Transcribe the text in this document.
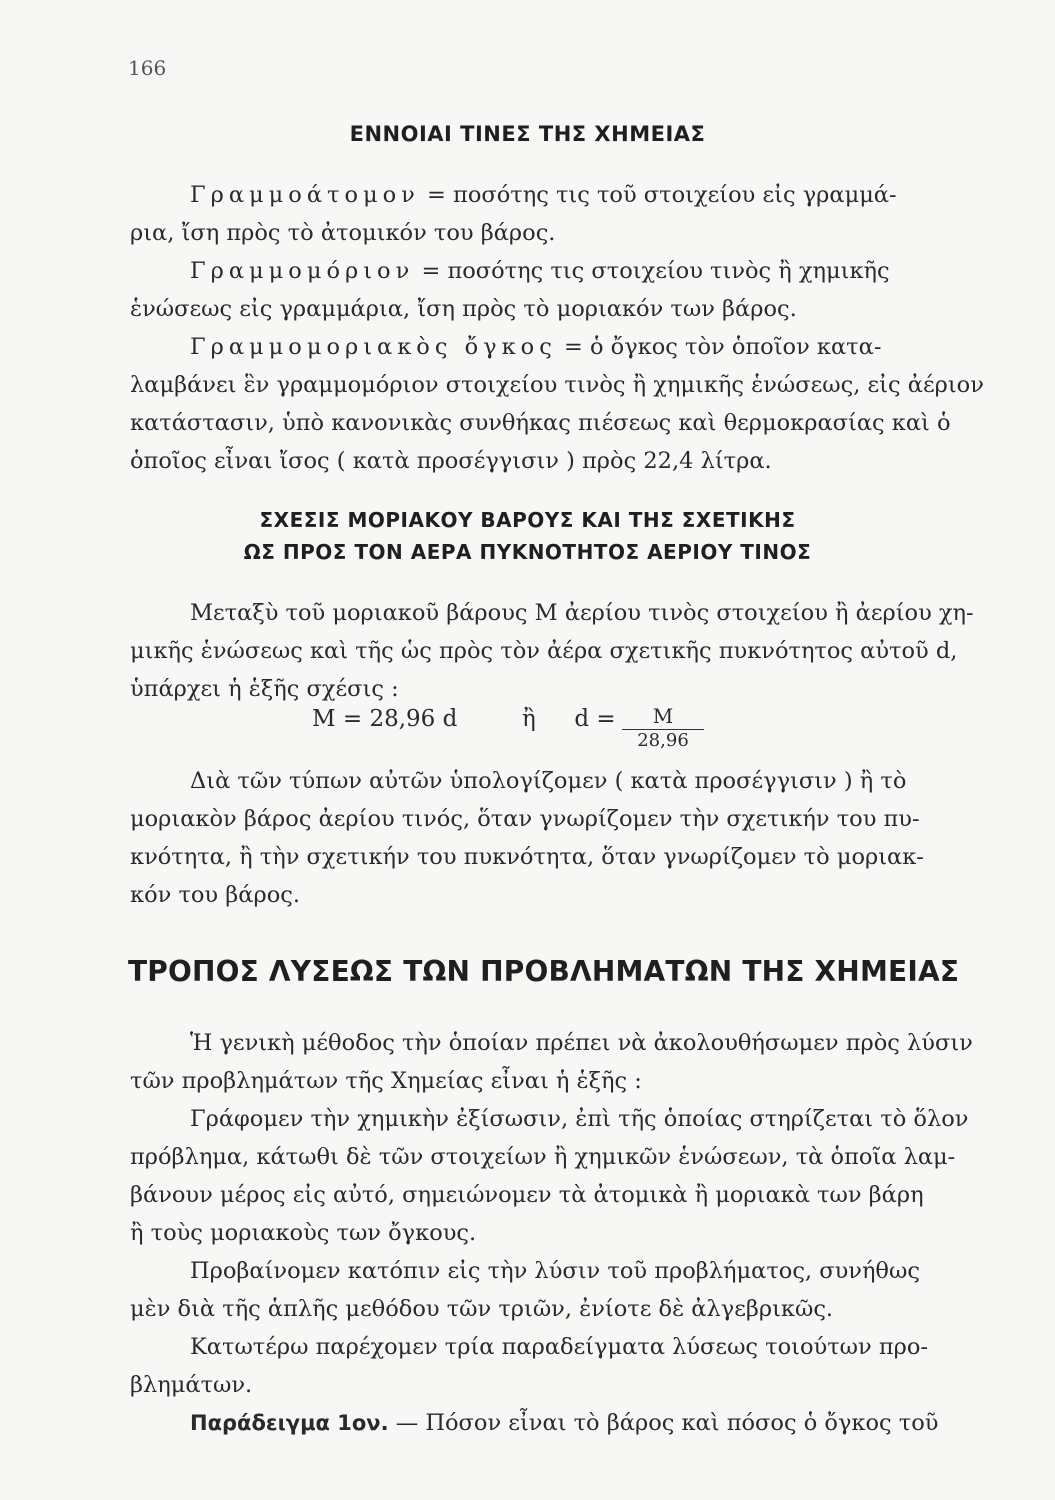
166
ΕΝΝΟΙΑΙ ΤΙΝΕΣ ΤΗΣ ΧΗΜΕΙΑΣ
Γραμμοάτομον = ποσότης τις τοῦ στοιχείου εἰς γραμμά-
ρια, ἴση πρὸς τὸ ἀτομικόν του βάρος.
Γραμμομόριον = ποσότης τις στοιχείου τινὸς ἢ χημικῆς
ἑνώσεως εἰς γραμμάρια, ἴση πρὸς τὸ μοριακόν των βάρος.
Γραμμομοριακὸς ὄγκος = ὁ ὄγκος τὸν ὁποῖον κατα-
λαμβάνει ἓν γραμμομόριον στοιχείου τινὸς ἢ χημικῆς ἑνώσεως, εἰς ἀέριον
κατάστασιν, ὑπὸ κανονικὰς συνθήκας πιέσεως καὶ θερμοκρασίας καὶ ὁ
ὁποῖος εἶναι ἴσος ( κατὰ προσέγγισιν ) πρὸς 22,4 λίτρα.
ΣΧΕΣΙΣ ΜΟΡΙΑΚΟΥ ΒΑΡΟΥΣ ΚΑΙ ΤΗΣ ΣΧΕΤΙΚΗΣ
ΩΣ ΠΡΟΣ ΤΟΝ ΑΕΡΑ ΠΥΚΝΟΤΗΤΟΣ ΑΕΡΙΟΥ ΤΙΝΟΣ
Μεταξὺ τοῦ μοριακοῦ βάρους Μ ἀερίου τινὸς στοιχείου ἢ ἀερίου χη-
μικῆς ἑνώσεως καὶ τῆς ὡς πρὸς τὸν ἀέρα σχετικῆς πυκνότητος αὐτοῦ d,
ὑπάρχει ἡ ἑξῆς σχέσις :
M = 28,96 d	ἢ $d = \frac{M}{28,96}$
Διὰ τῶν τύπων αὐτῶν ὑπολογίζομεν ( κατὰ προσέγγισιν ) ἢ τὸ
μοριακὸν βάρος ἀερίου τινός, ὅταν γνωρίζομεν τὴν σχετικήν του πυ-
κνότητα, ἢ τὴν σχετικήν του πυκνότητα, ὅταν γνωρίζομεν τὸ μοριακ-
κόν του βάρος.
ΤΡΟΠΟΣ ΛΥΣΕΩΣ ΤΩΝ ΠΡΟΒΛΗΜΑΤΩΝ ΤΗΣ ΧΗΜΕΙΑΣ
Ἡ γενικὴ μέθοδος τὴν ὁποίαν πρέπει νὰ ἀκολουθήσωμεν πρὸς λύσιν
τῶν προβλημάτων τῆς Χημείας εἶναι ἡ ἑξῆς :
Γράφομεν τὴν χημικὴν ἐξίσωσιν, ἐπὶ τῆς ὁποίας στηρίζεται τὸ ὅλον
πρόβλημα, κάτωθι δὲ τῶν στοιχείων ἢ χημικῶν ἑνώσεων, τὰ ὁποῖα λαμ-
βάνουν μέρος εἰς αὐτό, σημειώνομεν τὰ ἀτομικὰ ἢ μοριακὰ των βάρη
ἢ τοὺς μοριακοὺς των ὄγκους.
Προβαίνομεν κατόπιν εἰς τὴν λύσιν τοῦ προβλήματος, συνήθως
μὲν διὰ τῆς ἁπλῆς μεθόδου τῶν τριῶν, ἐνίοτε δὲ ἀλγεβρικῶς.
Κατωτέρω παρέχομεν τρία παραδείγματα λύσεως τοιούτων προ-
βλημάτων.
Παράδειγμα 1ον. — Πόσον εἶναι τὸ βάρος καὶ πόσος ὁ ὄγκος τοῦ
